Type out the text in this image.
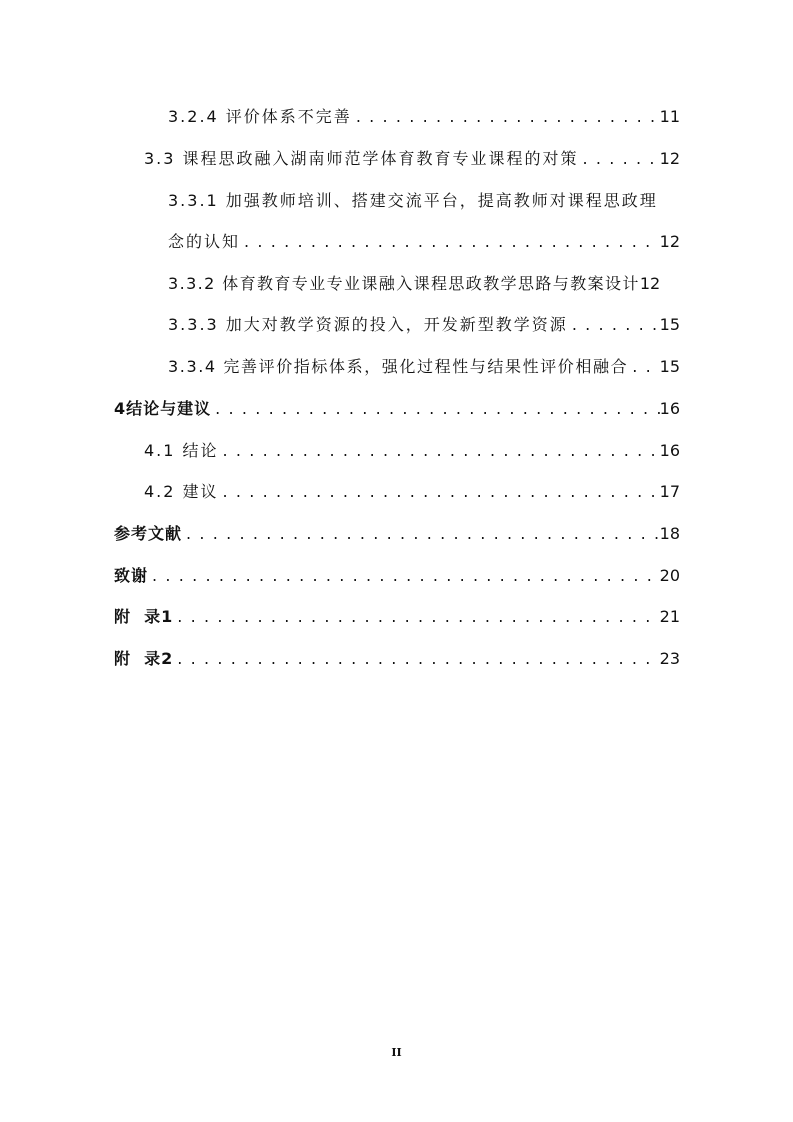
3.2.4 评价体系不完善 . . .	11
3.3 课程思政融入湖南师范学体育教育专业课程的对策 . . .	12
3.3.1 加强教师培训、搭建交流平台，提高教师对课程思政理
念的认知 . . .	12
3.3.2 体育教育专业专业课融入课程思政教学思路与教案设计 12
3.3.3 加大对教学资源的投入，开发新型教学资源 . . .	15
3.3.4 完善评价指标体系，强化过程性与结果性评价相融合 . . . 15
4结论与建议 . . .	16
4.1 结论 . . .	16
4.2 建议 . . .	17
参考文献 . . .	18
致谢 . . .	20
附  录1 . . .	21
附  录2 . . .	23
II
